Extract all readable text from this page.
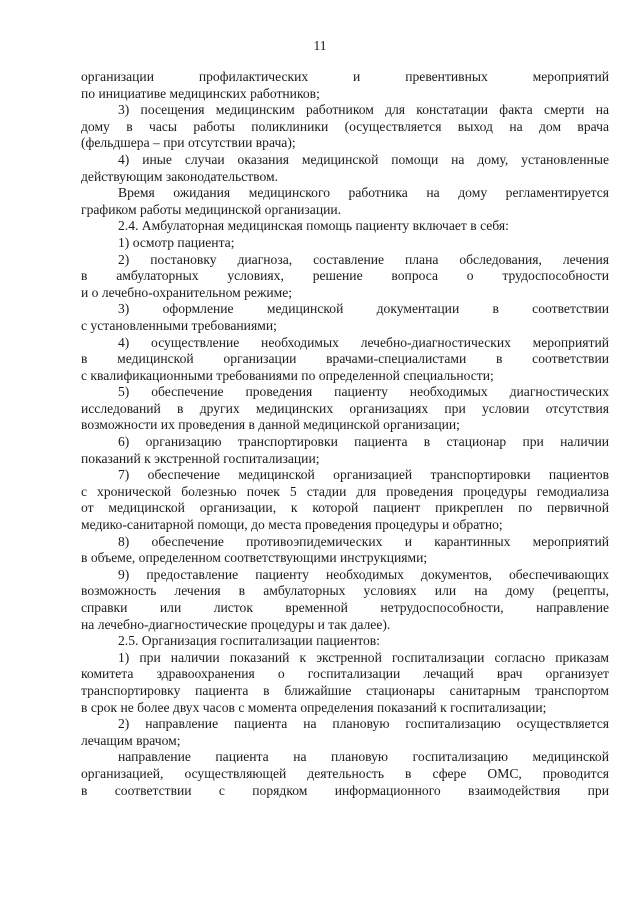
11
организации профилактических и превентивных мероприятий
по инициативе медицинских работников;
3) посещения медицинским работником для констатации факта смерти на
дому в часы работы поликлиники (осуществляется выход на дом врача
(фельдшера – при отсутствии врача);
4) иные случаи оказания медицинской помощи на дому, установленные
действующим законодательством.
Время ожидания медицинского работника на дому регламентируется
графиком работы медицинской организации.
2.4. Амбулаторная медицинская помощь пациенту включает в себя:
1) осмотр пациента;
2) постановку диагноза, составление плана обследования, лечения
в амбулаторных условиях, решение вопроса о трудоспособности
и о лечебно-охранительном режиме;
3) оформление медицинской документации в соответствии
с установленными требованиями;
4) осуществление необходимых лечебно-диагностических мероприятий
в медицинской организации врачами-специалистами в соответствии
с квалификационными требованиями по определенной специальности;
5) обеспечение проведения пациенту необходимых диагностических
исследований в других медицинских организациях при условии отсутствия
возможности их проведения в данной медицинской организации;
6) организацию транспортировки пациента в стационар при наличии
показаний к экстренной госпитализации;
7) обеспечение медицинской организацией транспортировки пациентов
с хронической болезнью почек 5 стадии для проведения процедуры гемодиализа
от медицинской организации, к которой пациент прикреплен по первичной
медико-санитарной помощи, до места проведения процедуры и обратно;
8) обеспечение противоэпидемических и карантинных мероприятий
в объеме, определенном соответствующими инструкциями;
9) предоставление пациенту необходимых документов, обеспечивающих
возможность лечения в амбулаторных условиях или на дому (рецепты,
справки или листок временной нетрудоспособности, направление
на лечебно-диагностические процедуры и так далее).
2.5. Организация госпитализации пациентов:
1) при наличии показаний к экстренной госпитализации согласно приказам
комитета здравоохранения о госпитализации лечащий врач организует
транспортировку пациента в ближайшие стационары санитарным транспортом
в срок не более двух часов с момента определения показаний к госпитализации;
2) направление пациента на плановую госпитализацию осуществляется
лечащим врачом;
направление пациента на плановую госпитализацию медицинской
организацией, осуществляющей деятельность в сфере ОМС, проводится
в соответствии с порядком информационного взаимодействия при
